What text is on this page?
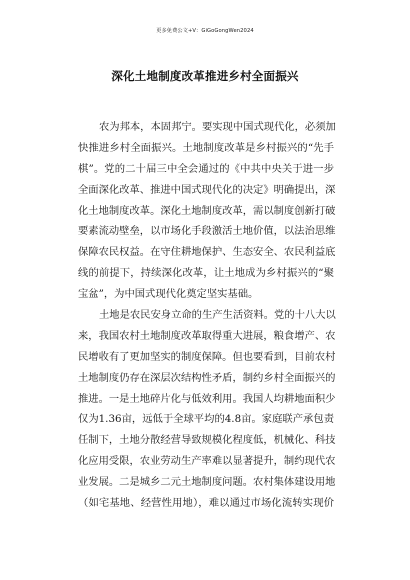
更多免费公文+V：GiGoGongWen2024
深化土地制度改革推进乡村全面振兴
农为邦本，本固邦宁。要实现中国式现代化，必须加
快推进乡村全面振兴。土地制度改革是乡村振兴的“先手
棋”。党的二十届三中全会通过的《中共中央关于进一步
全面深化改革、推进中国式现代化的决定》明确提出，深
化土地制度改革。深化土地制度改革，需以制度创新打破
要素流动壁垒，以市场化手段激活土地价值，以法治思维
保障农民权益。在守住耕地保护、生态安全、农民利益底
线的前提下，持续深化改革，让土地成为乡村振兴的“聚
宝盆”，为中国式现代化奠定坚实基础。
土地是农民安身立命的生产生活资料。党的十八大以
来，我国农村土地制度改革取得重大进展，粮食增产、农
民增收有了更加坚实的制度保障。但也要看到，目前农村
土地制度仍存在深层次结构性矛盾，制约乡村全面振兴的
推进。一是土地碎片化与低效利用。我国人均耕地面积少
仅为1.36亩，远低于全球平均的4.8亩。家庭联产承包责
任制下，土地分散经营导致规模化程度低，机械化、科技
化应用受限，农业劳动生产率难以显著提升，制约现代农
业发展。二是城乡二元土地制度问题。农村集体建设用地
（如宅基地、经营性用地），难以通过市场化流转实现价
